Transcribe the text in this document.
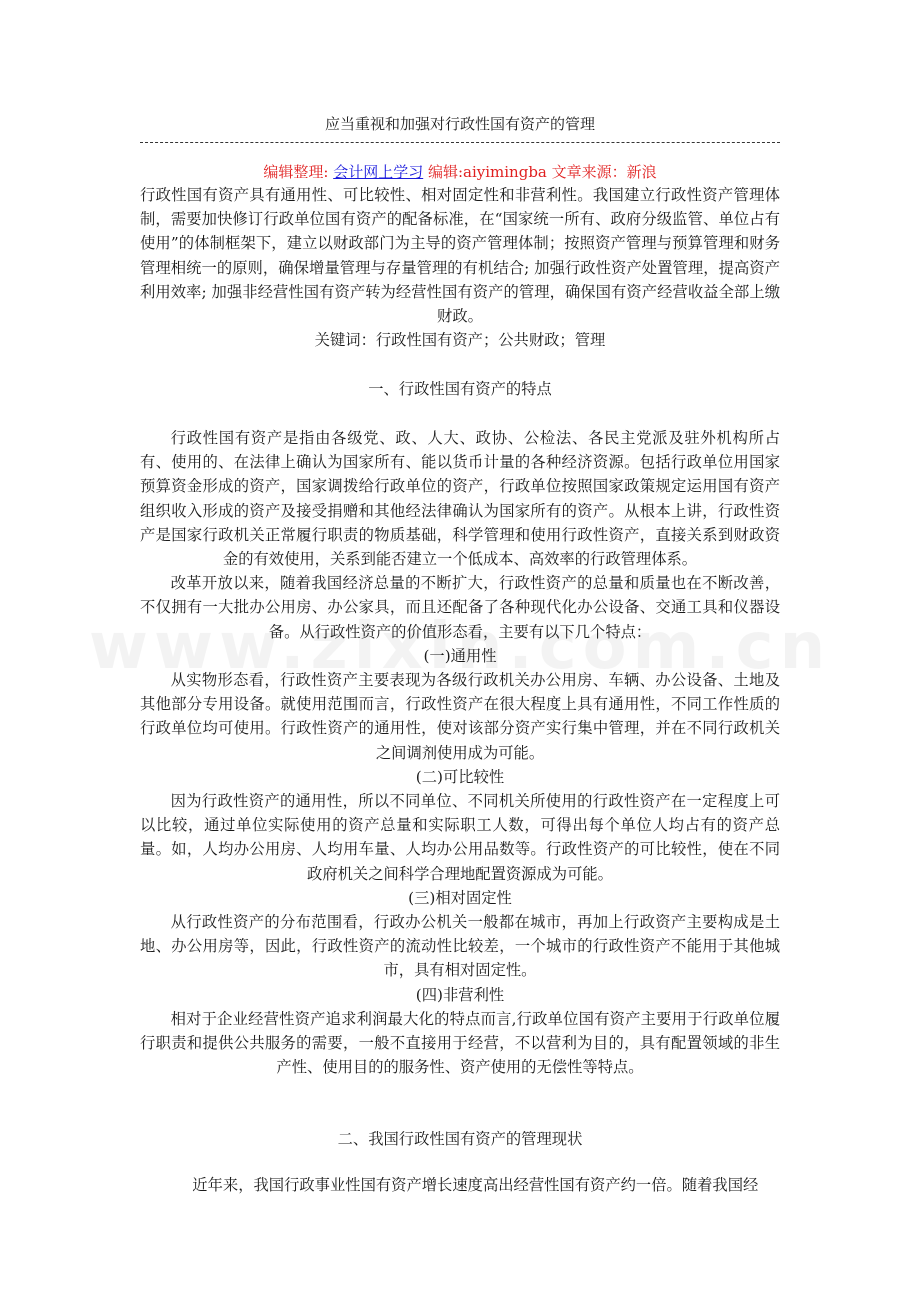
应当重视和加强对行政性国有资产的管理
编辑整理: 会计网上学习 编辑:aiyimingba 文章来源：新浪

行政性国有资产具有通用性、可比较性、相对固定性和非营利性。我国建立行政性资产管理体制，需要加快修订行政单位国有资产的配备标准，在“国家统一所有、政府分级监管、单位占有使用”的体制框架下，建立以财政部门为主导的资产管理体制；按照资产管理与预算管理和财务管理相统一的原则，确保增量管理与存量管理的有机结合; 加强行政性资产处置管理，提高资产利用效率; 加强非经营性国有资产转为经营性国有资产的管理，确保国有资产经营收益全部上缴财政。

关键词：行政性国有资产；公共财政；管理

一、行政性国有资产的特点

行政性国有资产是指由各级党、政、人大、政协、公检法、各民主党派及驻外机构所占有、使用的、在法律上确认为国家所有、能以货币计量的各种经济资源。包括行政单位用国家预算资金形成的资产，国家调拨给行政单位的资产，行政单位按照国家政策规定运用国有资产组织收入形成的资产及接受捐赠和其他经法律确认为国家所有的资产。从根本上讲，行政性资产是国家行政机关正常履行职责的物质基础，科学管理和使用行政性资产，直接关系到财政资金的有效使用，关系到能否建立一个低成本、高效率的行政管理体系。

改革开放以来，随着我国经济总量的不断扩大，行政性资产的总量和质量也在不断改善，不仅拥有一大批办公用房、办公家具，而且还配备了各种现代化办公设备、交通工具和仪器设备。从行政性资产的价值形态看，主要有以下几个特点：

(一)通用性

从实物形态看，行政性资产主要表现为各级行政机关办公用房、车辆、办公设备、土地及其他部分专用设备。就使用范围而言，行政性资产在很大程度上具有通用性，不同工作性质的行政单位均可使用。行政性资产的通用性，使对该部分资产实行集中管理，并在不同行政机关之间调剂使用成为可能。

(二)可比较性

因为行政性资产的通用性，所以不同单位、不同机关所使用的行政性资产在一定程度上可以比较，通过单位实际使用的资产总量和实际职工人数，可得出每个单位人均占有的资产总量。如，人均办公用房、人均用车量、人均办公用品数等。行政性资产的可比较性，使在不同政府机关之间科学合理地配置资源成为可能。

(三)相对固定性

从行政性资产的分布范围看，行政办公机关一般都在城市，再加上行政资产主要构成是土地、办公用房等，因此，行政性资产的流动性比较差，一个城市的行政性资产不能用于其他城市，具有相对固定性。

(四)非营利性

相对于企业经营性资产追求利润最大化的特点而言,行政单位国有资产主要用于行政单位履行职责和提供公共服务的需要，一般不直接用于经营，不以营利为目的，具有配置领域的非生产性、使用目的的服务性、资产使用的无偿性等特点。

二、我国行政性国有资产的管理现状

近年来，我国行政事业性国有资产增长速度高出经营性国有资产约一倍。随着我国经
